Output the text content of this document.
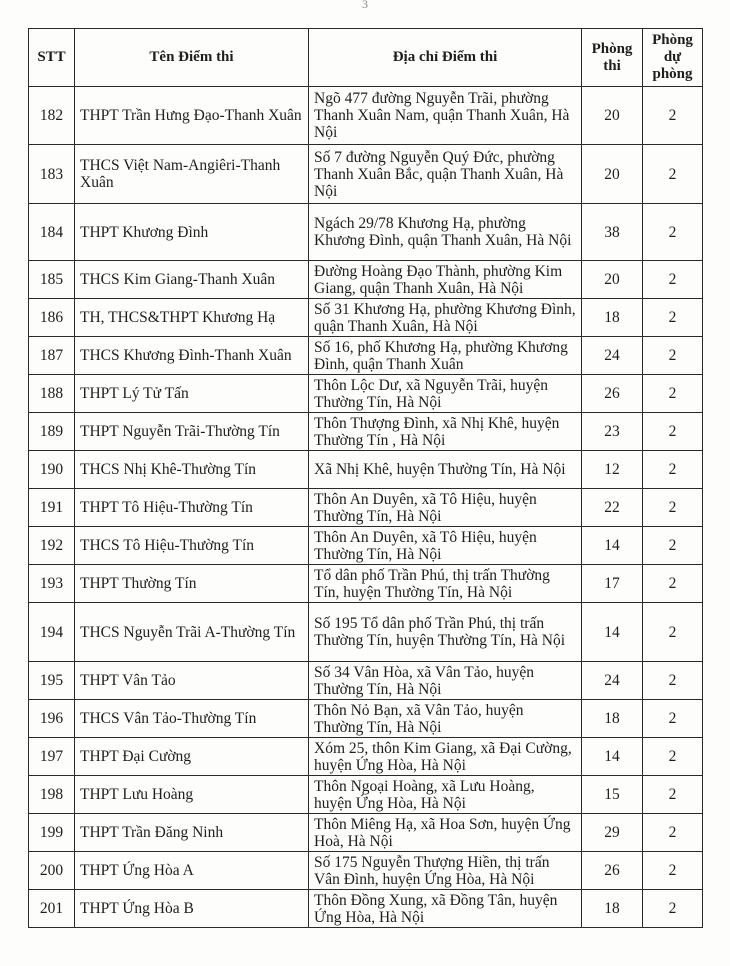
3
STT	Tên Điểm thi	Địa chỉ Điểm thi	Phòng thi	Phòng dự phòng
182	THPT Trần Hưng Đạo-Thanh Xuân	Ngõ 477 đường Nguyễn Trãi, phường Thanh Xuân Nam, quận Thanh Xuân, Hà Nội	20	2
183	THCS Việt Nam-Angiêri-Thanh Xuân	Số 7 đường Nguyễn Quý Đức, phường Thanh Xuân Bắc, quận Thanh Xuân, Hà Nội	20	2
184	THPT Khương Đình	Ngách 29/78 Khương Hạ, phường Khương Đình, quận Thanh Xuân, Hà Nội	38	2
185	THCS Kim Giang-Thanh Xuân	Đường Hoàng Đạo Thành, phường Kim Giang, quận Thanh Xuân, Hà Nội	20	2
186	TH, THCS&THPT Khương Hạ	Số 31 Khương Hạ, phường Khương Đình, quận Thanh Xuân, Hà Nội	18	2
187	THCS Khương Đình-Thanh Xuân	Số 16, phố Khương Hạ, phường Khương Đình, quận Thanh Xuân	24	2
188	THPT Lý Tử Tấn	Thôn Lộc Dư, xã Nguyễn Trãi, huyện Thường Tín, Hà Nội	26	2
189	THPT Nguyễn Trãi-Thường Tín	Thôn Thượng Đình, xã Nhị Khê, huyện Thường Tín , Hà Nội	23	2
190	THCS Nhị Khê-Thường Tín	Xã Nhị Khê, huyện Thường Tín, Hà Nội	12	2
191	THPT Tô Hiệu-Thường Tín	Thôn An Duyên, xã Tô Hiệu, huyện Thường Tín, Hà Nội	22	2
192	THCS Tô Hiệu-Thường Tín	Thôn An Duyên, xã Tô Hiệu, huyện Thường Tín, Hà Nội	14	2
193	THPT Thường Tín	Tổ dân phố Trần Phú, thị trấn Thường Tín, huyện Thường Tín, Hà Nội	17	2
194	THCS Nguyễn Trãi A-Thường Tín	Số 195 Tổ dân phố Trần Phú, thị trấn Thường Tín, huyện Thường Tín, Hà Nội	14	2
195	THPT Vân Tảo	Số 34 Vân Hòa, xã Vân Tảo, huyện Thường Tín, Hà Nội	24	2
196	THCS Vân Tảo-Thường Tín	Thôn Nỏ Bạn, xã Vân Tảo, huyện Thường Tín, Hà Nội	18	2
197	THPT Đại Cường	Xóm 25, thôn Kim Giang, xã Đại Cường, huyện Ứng Hòa, Hà Nội	14	2
198	THPT Lưu Hoàng	Thôn Ngoại Hoàng, xã Lưu Hoàng, huyện Ứng Hòa, Hà Nội	15	2
199	THPT Trần Đăng Ninh	Thôn Miêng Hạ, xã Hoa Sơn, huyện Ứng Hoà, Hà Nội	29	2
200	THPT Ứng Hòa A	Số 175 Nguyễn Thượng Hiền, thị trấn Vân Đình, huyện Ứng Hòa, Hà Nội	26	2
201	THPT Ứng Hòa B	Thôn Đồng Xung, xã Đồng Tân, huyện Ứng Hòa, Hà Nội	18	2
